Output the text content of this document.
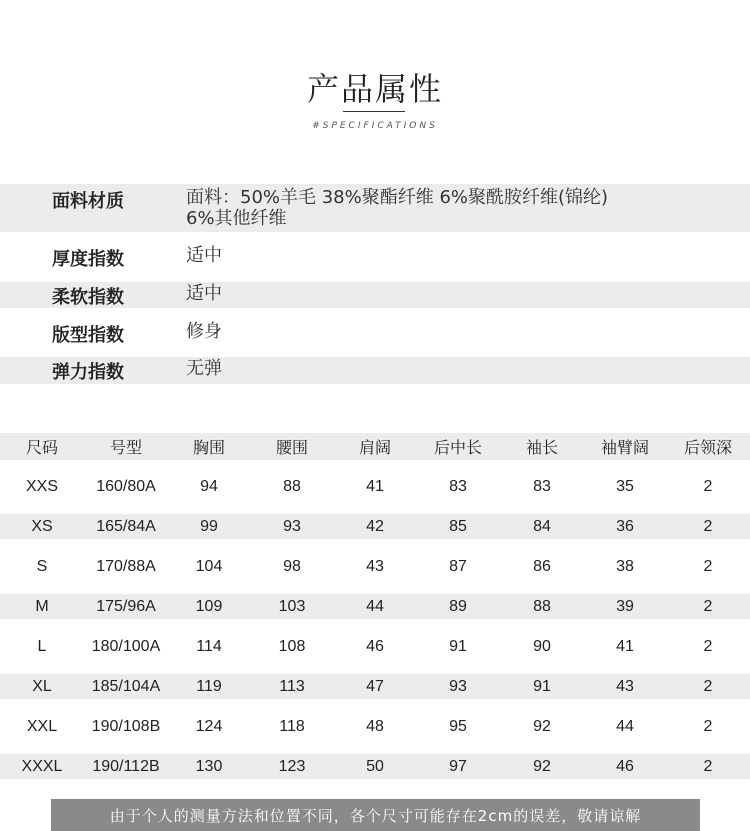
产品属性
#SPECIFICATIONS
面料材质	面料：50%羊毛 38%聚酯纤维 6%聚酰胺纤维(锦纶)
6%其他纤维
厚度指数	适中
柔软指数	适中
版型指数	修身
弹力指数	无弹
尺码	号型	胸围	腰围	肩阔	后中长	袖长	袖臂阔	后领深
XXS	160/80A	94	88	41	83	83	35	2
XS	165/84A	99	93	42	85	84	36	2
S	170/88A	104	98	43	87	86	38	2
M	175/96A	109	103	44	89	88	39	2
L	180/100A	114	108	46	91	90	41	2
XL	185/104A	119	113	47	93	91	43	2
XXL	190/108B	124	118	48	95	92	44	2
XXXL	190/112B	130	123	50	97	92	46	2
由于个人的测量方法和位置不同，各个尺寸可能存在2cm的误差，敬请谅解
